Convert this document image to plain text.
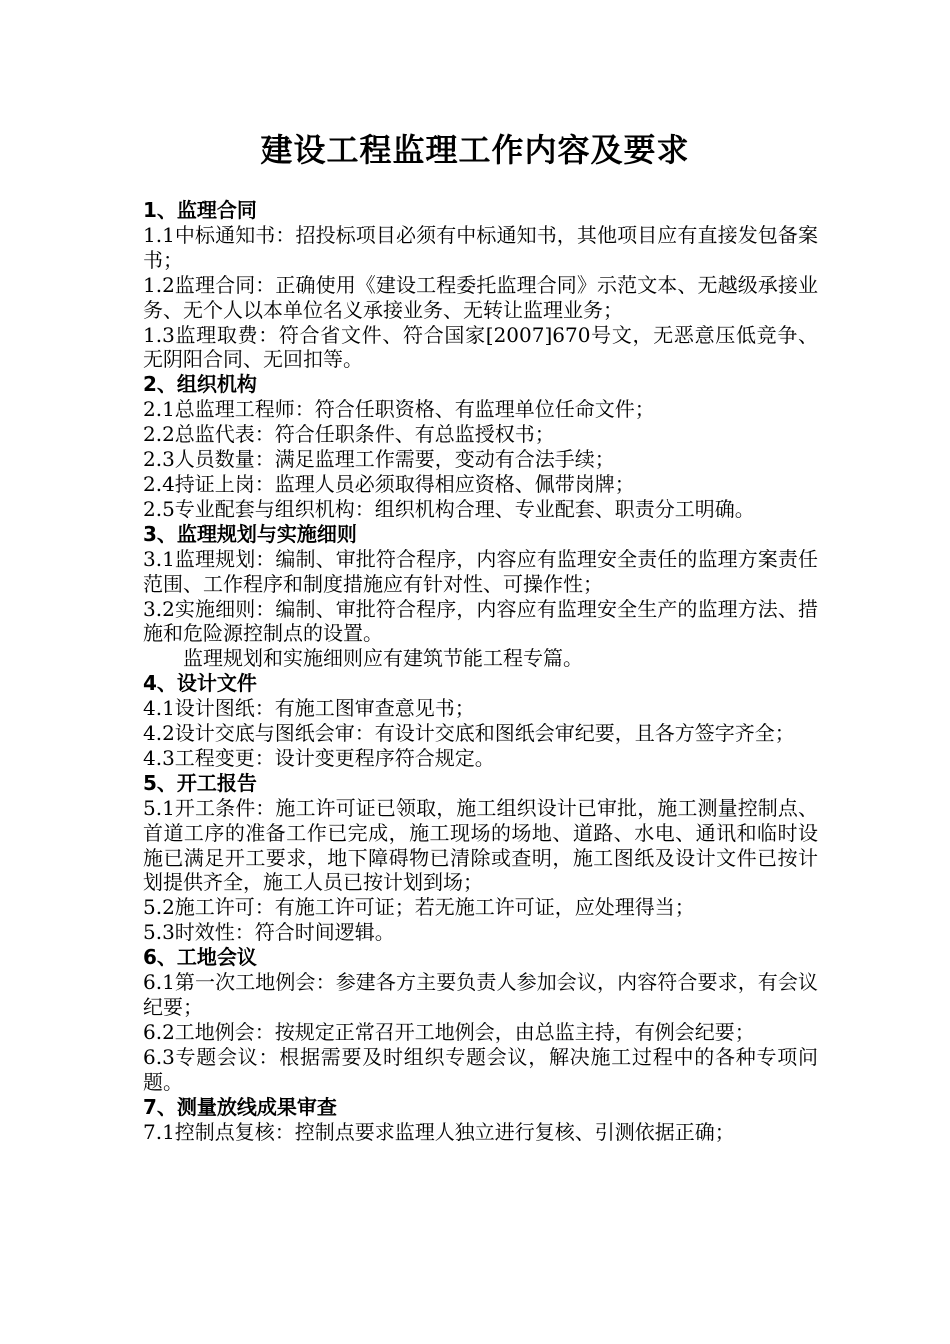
建设工程监理工作内容及要求
1、监理合同

1.1中标通知书：招投标项目必须有中标通知书，其他项目应有直接发包备案书；

1.2监理合同：正确使用《建设工程委托监理合同》示范文本、无越级承接业务、无个人以本单位名义承接业务、无转让监理业务；

1.3监理取费：符合省文件、符合国家[2007]670号文，无恶意压低竞争、无阴阳合同、无回扣等。

2、组织机构

2.1总监理工程师：符合任职资格、有监理单位任命文件；

2.2总监代表：符合任职条件、有总监授权书；

2.3人员数量：满足监理工作需要，变动有合法手续；

2.4持证上岗：监理人员必须取得相应资格、佩带岗牌；

2.5专业配套与组织机构：组织机构合理、专业配套、职责分工明确。

3、监理规划与实施细则

3.1监理规划：编制、审批符合程序，内容应有监理安全责任的监理方案责任范围、工作程序和制度措施应有针对性、可操作性；

3.2实施细则：编制、审批符合程序，内容应有监理安全生产的监理方法、措施和危险源控制点的设置。

监理规划和实施细则应有建筑节能工程专篇。

4、设计文件

4.1设计图纸：有施工图审查意见书；

4.2设计交底与图纸会审：有设计交底和图纸会审纪要，且各方签字齐全；

4.3工程变更：设计变更程序符合规定。

5、开工报告

5.1开工条件：施工许可证已领取，施工组织设计已审批，施工测量控制点、首道工序的准备工作已完成，施工现场的场地、道路、水电、通讯和临时设施已满足开工要求，地下障碍物已清除或查明，施工图纸及设计文件已按计划提供齐全，施工人员已按计划到场；

5.2施工许可：有施工许可证；若无施工许可证，应处理得当；

5.3时效性：符合时间逻辑。

6、工地会议

6.1第一次工地例会：参建各方主要负责人参加会议，内容符合要求，有会议纪要；

6.2工地例会：按规定正常召开工地例会，由总监主持，有例会纪要；

6.3专题会议：根据需要及时组织专题会议，解决施工过程中的各种专项问题。

7、测量放线成果审查

7.1控制点复核：控制点要求监理人独立进行复核、引测依据正确；
